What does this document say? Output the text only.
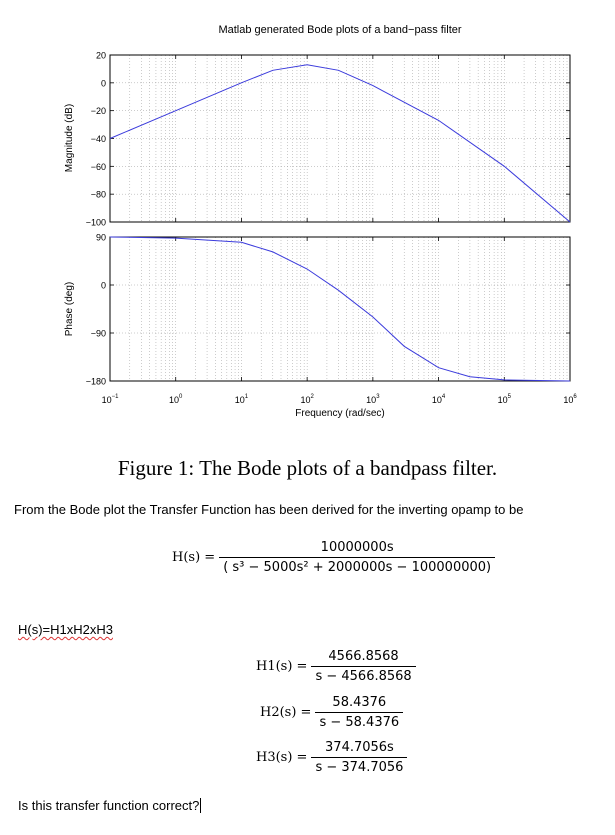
Matlab generated Bode plots of a band−pass filter
20
0
−20
−40
−60
−80
−100
90
0
−90
−180
$10^{-1}$	$10^0$	$10^1$	$10^2$	$10^3$	$10^4$	$10^5$	$10^6$
Magnitude (dB)
Phase (deg)
Frequency (rad/sec)
Figure 1: The Bode plots of a bandpass filter.
From the Bode plot the Transfer Function has been derived for the inverting opamp to be
$H(s) = \frac{10000000s}{\text{( s³ − 5000s² + 2000000s − 100000000)}}$
H(s)=H1xH2xH3
$H1(s) = \frac{4566.8568}{s - 4566.8568}$
$H2(s) = \frac{58.4376}{s - 58.4376}$
$H3(s) = \frac{374.7056s}{s - 374.7056}$
Is this transfer function correct?
